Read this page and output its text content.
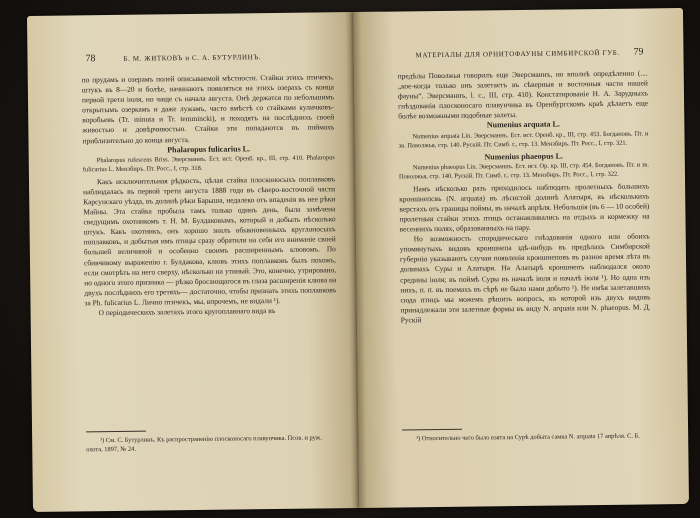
78	Б. М. ЖИТКОВЪ и С. А. БУТУРЛИНЪ.

по прудамъ и озерамъ полей описываемой мѣстности. Стайки этихъ птичекъ, штукъ въ 8—20 и болѣе, начинаютъ появляться на этихъ озерахъ съ конца первой трети іюля, но чаще съ начала августа. Онѣ держатся по небольшимъ открытымъ озеркамъ и даже лужамъ, часто вмѣстѣ со стайками куличковъ-воробьевъ (Tr. minuta и Tr. temmincki), и походятъ на послѣднихъ своей живостью и довѣрчивостью. Стайки эти попадаются въ поймахъ приблизительно до конца августа.

Phalaropus fulicarius L.

Phalaropus rufescens Briss. Эверсманнъ. Ест. ист. Оренб. кр., III, стр. 410. Phalaropus fulicarius L. Мензбиръ. Пт. Росс., I, стр. 318.

Какъ исключительная рѣдкость, цѣлая стайка плосконосыхъ поплавковъ наблюдалась въ первой трети августа 1888 года въ сѣверо-восточной части Карсунскаго уѣзда, въ долинѣ рѣки Барыша, недалеко отъ впаденія въ нее рѣки Майны. Эта стайка пробыла тамъ только одинъ день, была замѣчена сведущимъ охотникомъ т. Н. М. Булдаковымъ, который и добылъ нѣсколько штукъ. Какъ охотникъ, онъ хорошо зналъ обыкновенныхъ круглоносыхъ поплавковъ, и добытыя имъ птицы сразу обратили на себя его вниманіе своей большей величиной и особенно своимъ расширеннымъ клювомъ. По сбивчивому выраженію г. Булдакова, клювъ этихъ поплавковъ былъ похожъ, если смотрѣть на него сверху, нѣсколько на утиный. Это, конечно, утрировано, но одного этого признака — рѣзко бросающагося въ глаза расширенія клюва на двухъ послѣднихъ его третяхъ— достаточно, чтобы признать этихъ поплавковъ за Ph. fulicarius L. Лично птичекъ, мы, впрочемъ, не видали ¹).

О періодическихъ залетахъ этого кругоплавнаго вида въ

¹) См. С. Бутурлинъ. Къ распространенію плосконосаго плавунчика. Псов. и руж. охота, 1897, № 24.

МАТЕРІАЛЫ ДЛЯ ОРНИТОФАУНЫ СИМБИРСКОЙ ГУБ. 79

предѣлы Поволжья говорилъ еще Эверсманнъ, но вполнѣ опредѣленно (....„кое-когда только онъ залетаетъ въ сѣверныя и восточныя части нашей фауны“. Эверсманнъ, l. c., III, стр. 410). Констатированіе Н. А. Зарудныхъ гнѣздованія плосконосаго плавунчика въ Оренбургскомъ краѣ дѣлаетъ еще болѣе возможными подобные залеты.

Numenius arquata L.

Numenius arquata Lin. Эверсманнъ. Ест. ист. Оренб. кр., III, стр. 453. Богдановъ. Пт. и зв. Поволжья, стр. 140. Рускій. Пт. Симб. г., стр. 13. Мензбиръ. Пт. Росс., I, стр. 321.

Numenius phaeopus L.

Numenius phaeopus Lin. Эверсманнъ. Ест. ист. Ор. кр. III, стр. 454. Богдановъ. Пт. и зв. Поволжья, стр. 140. Рускій. Пт. Симб. г., стр. 13. Мензбиръ. Пт. Росс., I, стр. 322.

Намъ нѣсколько разъ приходилось наблюдать пролетныхъ большихъ кроншнепсвъ (N. arquata) въ лѣсистой долинѣ Алатыря, въ нѣсколькихъ верстахъ отъ границы поймы, въ началѣ апрѣля. Небольшія (въ 6 — 10 особей) пролетныя стайки этихъ птицъ останавливались на отдыхъ и кормежку на весеннихъ полях, образованныхъ на пару.

Но возможность спорадическаго гнѣздованія одного или обоихъ упомянутыхъ видовъ кроншнепа здѣ-нибудь въ предѣлахъ Симбирской губерніи указываютъ случаи появленія кроншнеповъ въ разное время лѣта въ долинахъ Суры и Алатыря. На Алатырѣ кроншнепъ наблюдался около средины іюля; въ поймѣ Суры въ началѣ іюля и началѣ іюля ¹). Но одна изъ нихъ, п. п. въ поемахъ въ сѣрѣ не было нами добыто ¹). Не имѣя залетавшихъ сюда птицъ мы можемъ рѣшить вопросъ, къ которой изъ двухъ видовъ принадлежали эти залетные формы въ виду N. arquata или N. phaeopus. М. Д. Рускій

¹) Относительно чего было взята на Сурѣ добыта самка N. arquata 17 апрѣля. С. Б.
